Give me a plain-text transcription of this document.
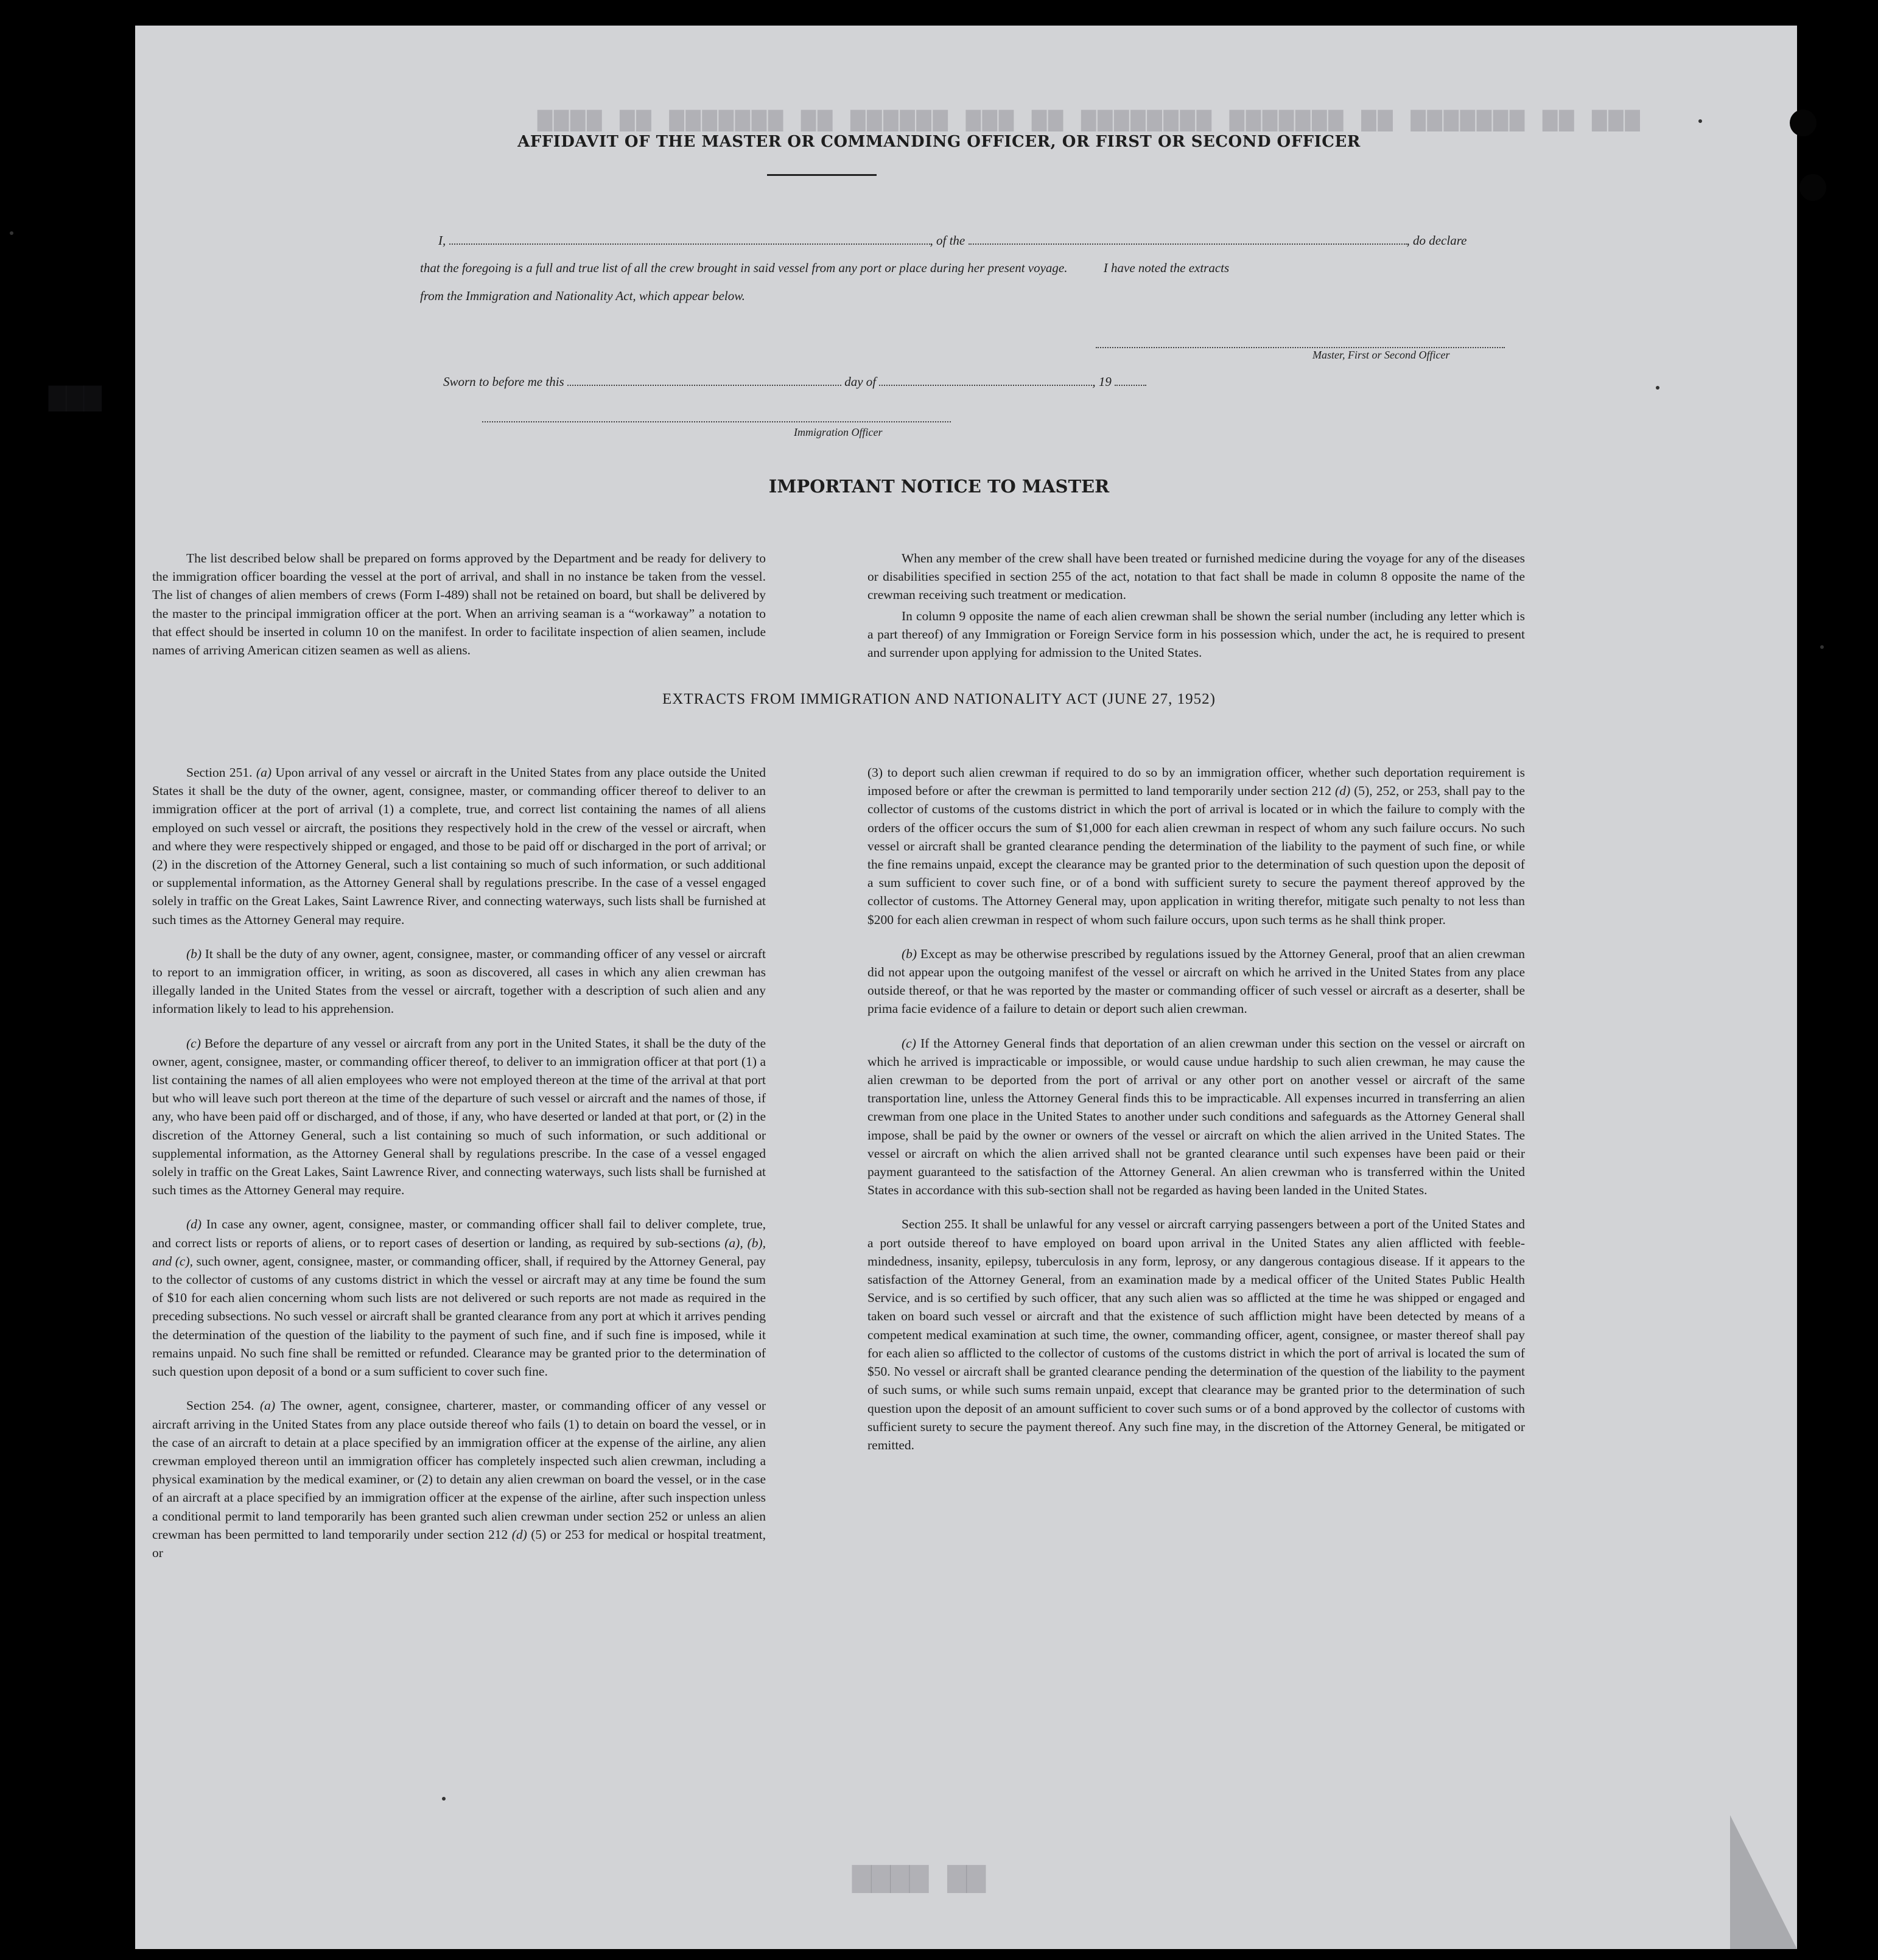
▆▆▆ ▆▆ ▆▆▆▆▆▆▆ ▆▆ ▆▆▆▆▆▆▆ ▆▆▆▆▆▆▆▆ ▆▆ ▆▆▆ ▆▆▆▆▆▆ ▆▆ ▆▆▆▆▆▆▆ ▆▆ ▆▆▆▆
▆▆▆
▆▆ ▆▆▆▆
AFFIDAVIT OF THE MASTER OR COMMANDING OFFICER, OR FIRST OR SECOND OFFICER
I,	, of the	, do declare
that the foregoing is a full and true list of all the crew brought in said vessel from any port or place during her present voyage.	I have noted the extracts
from the Immigration and Nationality Act, which appear below.
Master, First or Second Officer
Sworn to before me this	day of	, 19
Immigration Officer
IMPORTANT NOTICE TO MASTER

The list described below shall be prepared on forms approved by the Department and be ready for delivery to the immigration officer boarding the vessel at the port of arrival, and shall in no instance be taken from the vessel. The list of changes of alien members of crews (Form I-489) shall not be retained on board, but shall be delivered by the master to the principal immigration officer at the port. When an arriving seaman is a “workaway” a notation to that effect should be inserted in column 10 on the manifest. In order to facilitate inspection of alien seamen, include names of arriving American citizen seamen as well as aliens.

When any member of the crew shall have been treated or furnished medicine during the voyage for any of the diseases or disabilities specified in section 255 of the act, notation to that fact shall be made in column 8 opposite the name of the crewman receiving such treatment or medication.

In column 9 opposite the name of each alien crewman shall be shown the serial number (including any letter which is a part thereof) of any Immigration or Foreign Service form in his possession which, under the act, he is required to present and surrender upon applying for admission to the United States.

EXTRACTS FROM IMMIGRATION AND NATIONALITY ACT (JUNE 27, 1952)

Section 251. (a) Upon arrival of any vessel or aircraft in the United States from any place outside the United States it shall be the duty of the owner, agent, consignee, master, or commanding officer thereof to deliver to an immigration officer at the port of arrival (1) a complete, true, and correct list containing the names of all aliens employed on such vessel or aircraft, the positions they respectively hold in the crew of the vessel or aircraft, when and where they were respectively shipped or engaged, and those to be paid off or discharged in the port of arrival; or (2) in the discretion of the Attorney General, such a list containing so much of such information, or such additional or supplemental information, as the Attorney General shall by regulations prescribe. In the case of a vessel engaged solely in traffic on the Great Lakes, Saint Lawrence River, and connecting waterways, such lists shall be furnished at such times as the Attorney General may require.

(b) It shall be the duty of any owner, agent, consignee, master, or commanding officer of any vessel or aircraft to report to an immigration officer, in writing, as soon as discovered, all cases in which any alien crewman has illegally landed in the United States from the vessel or aircraft, together with a description of such alien and any information likely to lead to his apprehension.

(c) Before the departure of any vessel or aircraft from any port in the United States, it shall be the duty of the owner, agent, consignee, master, or commanding officer thereof, to deliver to an immigration officer at that port (1) a list containing the names of all alien employees who were not employed thereon at the time of the arrival at that port but who will leave such port thereon at the time of the departure of such vessel or aircraft and the names of those, if any, who have been paid off or discharged, and of those, if any, who have deserted or landed at that port, or (2) in the discretion of the Attorney General, such a list containing so much of such information, or such additional or supplemental information, as the Attorney General shall by regulations prescribe. In the case of a vessel engaged solely in traffic on the Great Lakes, Saint Lawrence River, and connecting waterways, such lists shall be furnished at such times as the Attorney General may require.

(d) In case any owner, agent, consignee, master, or commanding officer shall fail to deliver complete, true, and correct lists or reports of aliens, or to report cases of desertion or landing, as required by sub-sections (a), (b), and (c), such owner, agent, consignee, master, or commanding officer, shall, if required by the Attorney General, pay to the collector of customs of any customs district in which the vessel or aircraft may at any time be found the sum of $10 for each alien concerning whom such lists are not delivered or such reports are not made as required in the preceding subsections. No such vessel or aircraft shall be granted clearance from any port at which it arrives pending the determination of the question of the liability to the payment of such fine, and if such fine is imposed, while it remains unpaid. No such fine shall be remitted or refunded. Clearance may be granted prior to the determination of such question upon deposit of a bond or a sum sufficient to cover such fine.

Section 254. (a) The owner, agent, consignee, charterer, master, or commanding officer of any vessel or aircraft arriving in the United States from any place outside thereof who fails (1) to detain on board the vessel, or in the case of an aircraft to detain at a place specified by an immigration officer at the expense of the airline, any alien crewman employed thereon until an immigration officer has completely inspected such alien crewman, including a physical examination by the medical examiner, or (2) to detain any alien crewman on board the vessel, or in the case of an aircraft at a place specified by an immigration officer at the expense of the airline, after such inspection unless a conditional permit to land temporarily has been granted such alien crewman under section 252 or unless an alien crewman has been permitted to land temporarily under section 212 (d) (5) or 253 for medical or hospital treatment, or

(3) to deport such alien crewman if required to do so by an immigration officer, whether such deportation requirement is imposed before or after the crewman is permitted to land temporarily under section 212 (d) (5), 252, or 253, shall pay to the collector of customs of the customs district in which the port of arrival is located or in which the failure to comply with the orders of the officer occurs the sum of $1,000 for each alien crewman in respect of whom any such failure occurs. No such vessel or aircraft shall be granted clearance pending the determination of the liability to the payment of such fine, or while the fine remains unpaid, except the clearance may be granted prior to the determination of such question upon the deposit of a sum sufficient to cover such fine, or of a bond with sufficient surety to secure the payment thereof approved by the collector of customs. The Attorney General may, upon application in writing therefor, mitigate such penalty to not less than $200 for each alien crewman in respect of whom such failure occurs, upon such terms as he shall think proper.

(b) Except as may be otherwise prescribed by regulations issued by the Attorney General, proof that an alien crewman did not appear upon the outgoing manifest of the vessel or aircraft on which he arrived in the United States from any place outside thereof, or that he was reported by the master or commanding officer of such vessel or aircraft as a deserter, shall be prima facie evidence of a failure to detain or deport such alien crewman.

(c) If the Attorney General finds that deportation of an alien crewman under this section on the vessel or aircraft on which he arrived is impracticable or impossible, or would cause undue hardship to such alien crewman, he may cause the alien crewman to be deported from the port of arrival or any other port on another vessel or aircraft of the same transportation line, unless the Attorney General finds this to be impracticable. All expenses incurred in transferring an alien crewman from one place in the United States to another under such conditions and safeguards as the Attorney General shall impose, shall be paid by the owner or owners of the vessel or aircraft on which the alien arrived in the United States. The vessel or aircraft on which the alien arrived shall not be granted clearance until such expenses have been paid or their payment guaranteed to the satisfaction of the Attorney General. An alien crewman who is transferred within the United States in accordance with this sub-section shall not be regarded as having been landed in the United States.

Section 255. It shall be unlawful for any vessel or aircraft carrying passengers between a port of the United States and a port outside thereof to have employed on board upon arrival in the United States any alien afflicted with feeble-mindedness, insanity, epilepsy, tuberculosis in any form, leprosy, or any dangerous contagious disease. If it appears to the satisfaction of the Attorney General, from an examination made by a medical officer of the United States Public Health Service, and is so certified by such officer, that any such alien was so afflicted at the time he was shipped or engaged and taken on board such vessel or aircraft and that the existence of such affliction might have been detected by means of a competent medical examination at such time, the owner, commanding officer, agent, consignee, or master thereof shall pay for each alien so afflicted to the collector of customs of the customs district in which the port of arrival is located the sum of $50. No vessel or aircraft shall be granted clearance pending the determination of the question of the liability to the payment of such sums, or while such sums remain unpaid, except that clearance may be granted prior to the determination of such question upon the deposit of an amount sufficient to cover such sums or of a bond approved by the collector of customs with sufficient surety to secure the payment thereof. Any such fine may, in the discretion of the Attorney General, be mitigated or remitted.
